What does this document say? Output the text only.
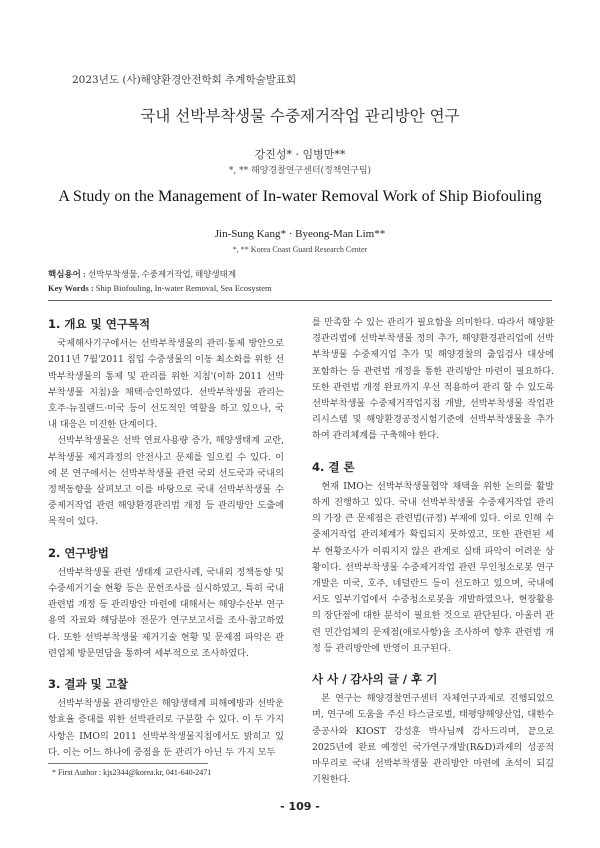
2023년도 (사)해양환경안전학회 추계학술발표회
국내 선박부착생물 수중제거작업 관리방안 연구
강진성* · 임병만**
*, ** 해양경찰연구센터(정책연구팀)
A Study on the Management of In-water Removal Work of Ship Biofouling
Jin-Sung Kang* · Byeong-Man Lim**
*, ** Korea Coast Guard Research Center
핵심용어 : 선박부착생물, 수중제거작업, 해양생태계
Key Words : Ship Biofouling, In-water Removal, Sea Ecosystem
1. 개요 및 연구목적

국제해사기구에서는 선박부착생물의 관리·통제 방안으로 2011년 7월'2011 침입 수중생물의 이동 최소화를 위한 선박부착생물의 통제 및 관리를 위한 지침'(이하 2011 선박부착생물 지침)을 채택·승인하였다. 선박부착생물 관리는 호주·뉴질랜드·미국 등이 선도적인 역할을 하고 있으나, 국내 대응은 미진한 단계이다.

선박부착생물은 선박 연료사용량 증가, 해양생태계 교란, 부착생물 제거과정의 안전사고 문제를 일으킬 수 있다. 이에 본 연구에서는 선박부착생물 관련 국외 선도국과 국내의 정책동향을 살펴보고 이를 바탕으로 국내 선박부착생물 수중제거작업 관련 해양환경관리법 개정 등 관리방안 도출에 목적이 있다.

2. 연구방법

선박부착생물 관련 생태계 교란사례, 국내외 정책동향 및 수중세거기술 현황 등은 문헌조사를 실시하였고, 특히 국내 관련법 개정 등 관리방안 마련에 대해서는 해양수산부 연구용역 자료와 해당분야 전문가 연구보고서를 조사·참고하였다. 또한 선박부착생물 제거기술 현황 및 문제점 파악은 관련업체 방문면담을 통하여 세부적으로 조사하였다.

3. 결과 및 고찰

선박부착생물 관리방안은 해양생태계 피해예방과 선박운항효율 증대를 위한 선박관리로 구분할 수 있다. 이 두 가지 사항은 IMO의 2011 선박부착생물지침에서도 밝히고 있다. 이는 어느 하나에 중점을 둔 관리가 아닌 두 가지 모두

를 만족할 수 있는 관리가 필요함을 의미한다. 따라서 해양환경관리법에 선박부착생물 정의 추가, 해양환경관리업에 선박부착생물 수중제거업 추가 및 해양경찰의 출입검사 대상에 포함하는 등 관련법 개정을 통한 관리방안 마련이 필요하다. 또한 관련법 개정 완료까지 우선 적용하여 관리 할 수 있도록 선박부착생물 수중제거작업지침 개발, 선박부착생물 작업관리시스템 및 해양환경공정시험기준에 선박부착생물을 추가하여 관리체계를 구축해야 한다.

4. 결 론

현재 IMO는 선박부착생물협약 채택을 위한 논의를 활발하게 진행하고 있다. 국내 선박부착생물 수중제거작업 관리의 가장 큰 문제점은 관련법(규정) 부재에 있다. 이로 인해 수중제거작업 관리체계가 확립되지 못하였고, 또한 관련된 세부 현황조사가 이뤄지지 않은 관계로 실태 파악이 어려운 상황이다. 선박부착생물 수중제거작업 관련 무인청소로봇 연구개발은 미국, 호주, 네덜란드 등이 선도하고 있으며, 국내에서도 일부기업에서 수중청소로봇을 개발하였으나, 현장활용의 장단점에 대한 분석이 필요한 것으로 판단된다. 아울러 관련 민간업체의 문제점(애로사항)을 조사하여 향후 관련법 개정 등 관리방안에 반영이 요구된다.

사 사 / 감사의 글 / 후 기

본 연구는 해양경찰연구센터 자체연구과제로 진행되었으며, 연구에 도움을 주신 타스글로벌, 태평양해양산업, 대한수중공사와 KIOST 강성훈 박사님께 감사드리며, 끝으로 2025년에 완료 예정인 국가연구개발(R&D)과제의 성공적 마무리로 국내 선박부착생물 관리방안 마련에 초석이 되길 기원한다.

* First Author : kjs2344@korea.kr, 041-640-2471
- 109 -
